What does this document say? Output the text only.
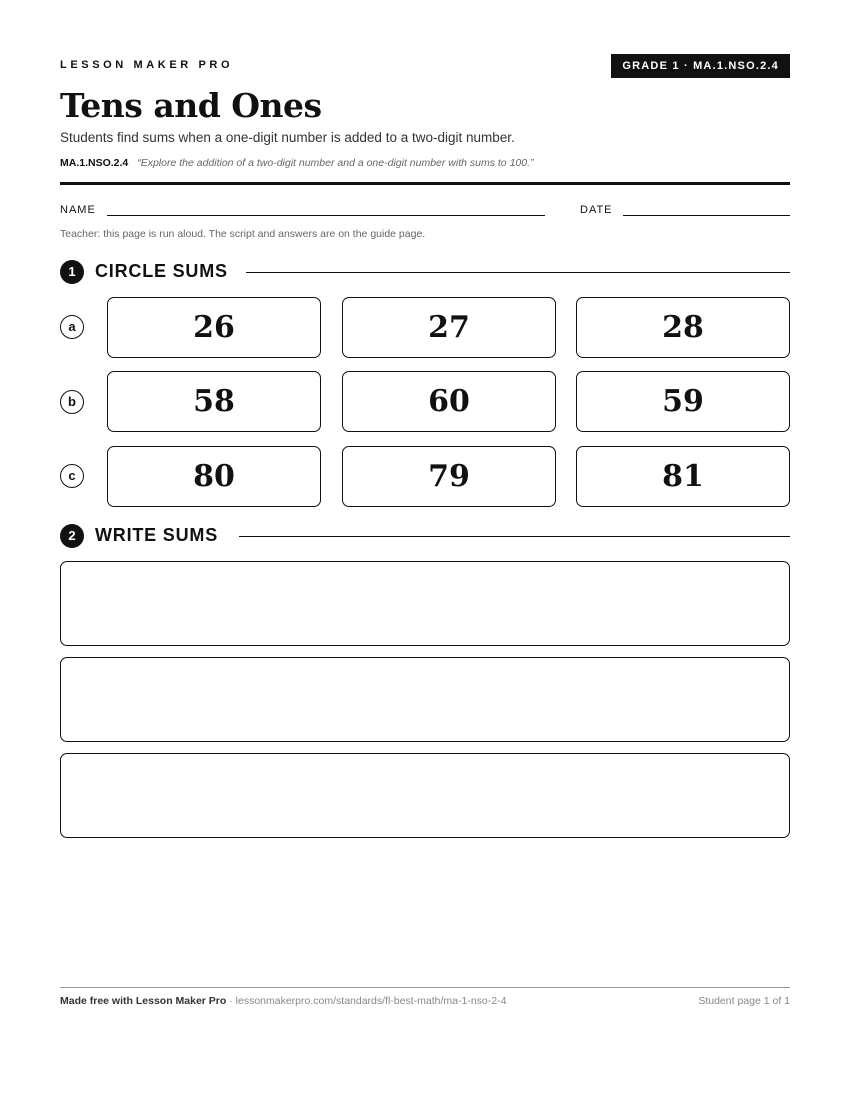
LESSON MAKER PRO	GRADE 1 · MA.1.NSO.2.4
Tens and Ones
Students find sums when a one-digit number is added to a two-digit number.
MA.1.NSO.2.4 “Explore the addition of a two-digit number and a one-digit number with sums to 100.”
NAME	DATE
Teacher: this page is run aloud. The script and answers are on the guide page.
1	CIRCLE SUMS
a	26	27	28
b	58	60	59
c	80	79	81
2	WRITE SUMS
Made free with Lesson Maker Pro · lessonmakerpro.com/standards/fl-best-math/ma-1-nso-2-4	Student page 1 of 1
